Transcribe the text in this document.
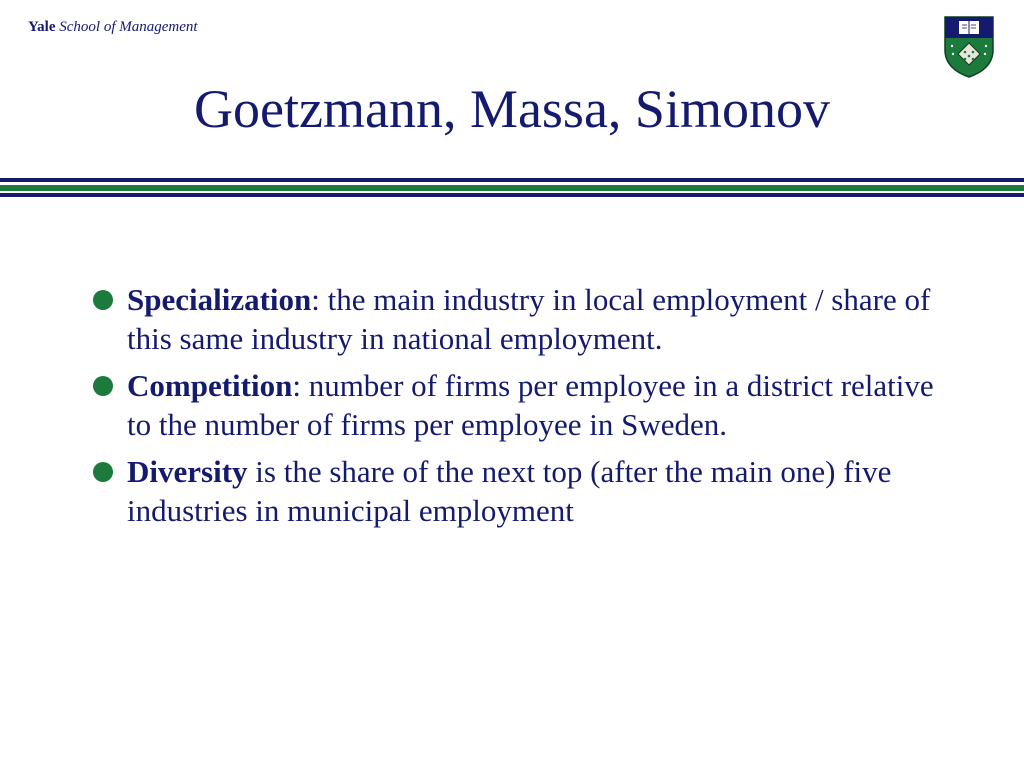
Yale School of Management
Goetzmann, Massa, Simonov
Specialization: the main industry in local employment / share of this same industry in national employment.
Competition: number of firms per employee in a district relative to the number of firms per employee in Sweden.
Diversity is the share of the next top (after the main one) five industries in municipal employment
